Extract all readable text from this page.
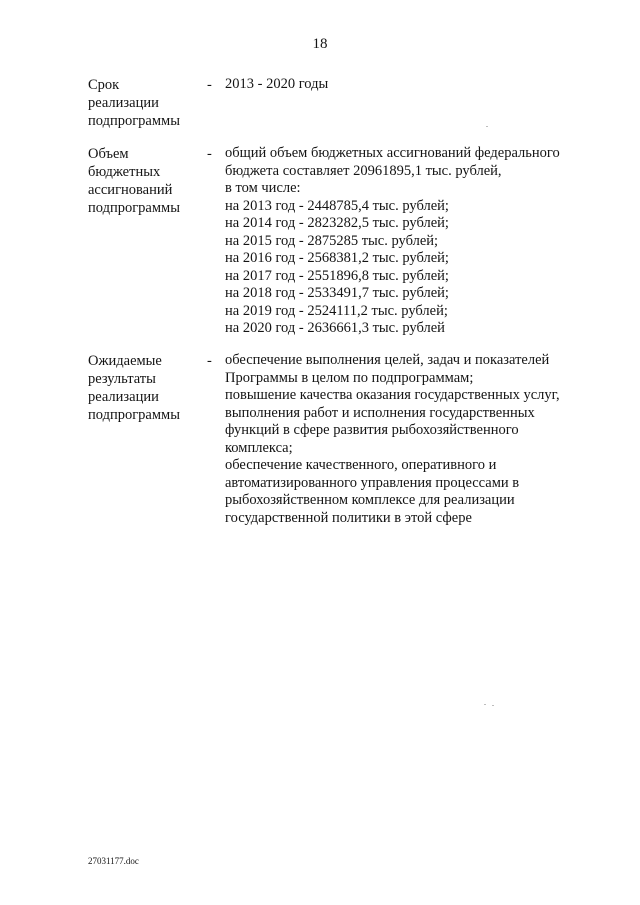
18
Срок
реализации
подпрограммы
- 2013 - 2020 годы
Объем
бюджетных
ассигнований
подпрограммы
- общий объем бюджетных ассигнований федерального
бюджета составляет 20961895,1 тыс. рублей,
в том числе:
на 2013 год - 2448785,4 тыс. рублей;
на 2014 год - 2823282,5 тыс. рублей;
на 2015 год - 2875285 тыс. рублей;
на 2016 год - 2568381,2 тыс. рублей;
на 2017 год - 2551896,8 тыс. рублей;
на 2018 год - 2533491,7 тыс. рублей;
на 2019 год - 2524111,2 тыс. рублей;
на 2020 год - 2636661,3 тыс. рублей
Ожидаемые
результаты
реализации
подпрограммы
- обеспечение выполнения целей, задач и показателей
Программы в целом по подпрограммам;
повышение качества оказания государственных услуг,
выполнения работ и исполнения государственных
функций в сфере развития рыбохозяйственного
комплекса;
обеспечение качественного, оперативного и
автоматизированного управления процессами в
рыбохозяйственном комплексе для реализации
государственной политики в этой сфере
27031177.doc
